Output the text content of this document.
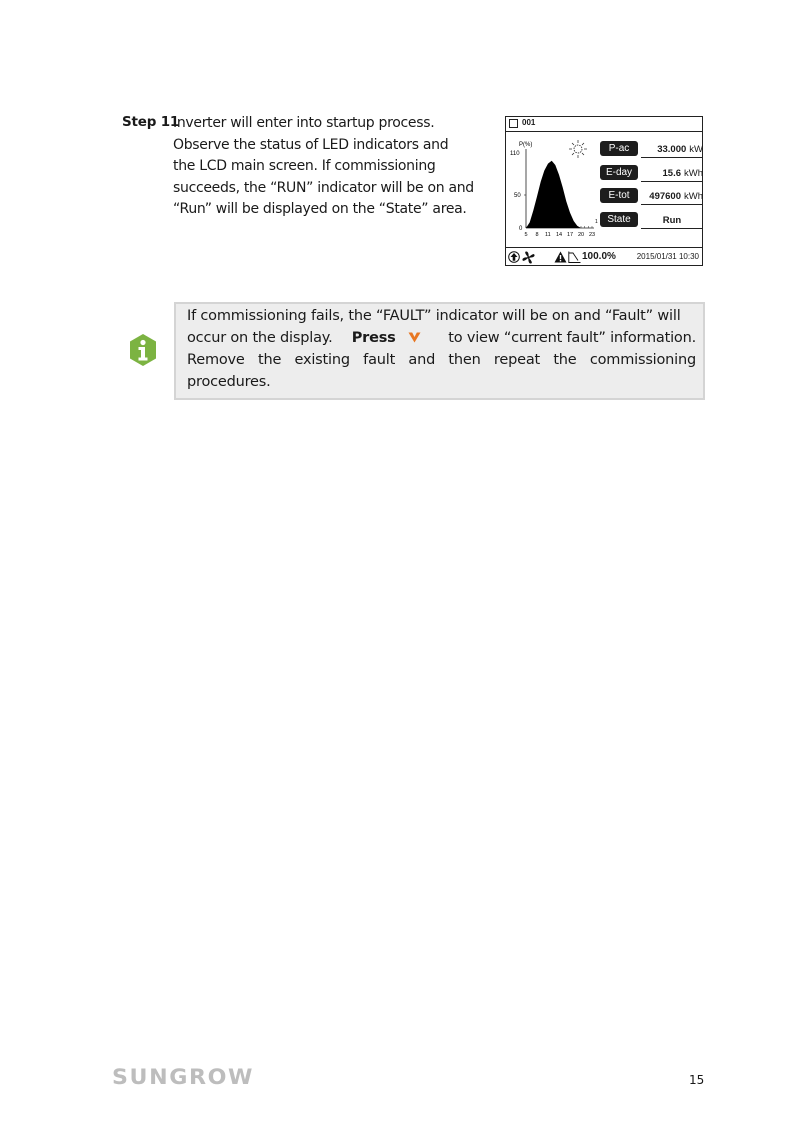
Step 11
Inverter will enter into startup process.
Observe the status of LED indicators and
the LCD main screen. If commissioning
succeeds, the “RUN” indicator will be on and
“Run” will be displayed on the “State” area.
001
P(%)
110
50
0
5 8 11 14 17 20 23
1
P-ac	33.000 kW
E-day	15.6 kWh
E-tot	497600 kWh
State	Run
100.0%	2015/01/31 10:30
If commissioning fails, the “FAULT” indicator will be on and “Fault” will
occur on the display. Press	to view “current fault” information.
Remove the existing fault and then repeat the commissioning
procedures.
SUNGROW	15
